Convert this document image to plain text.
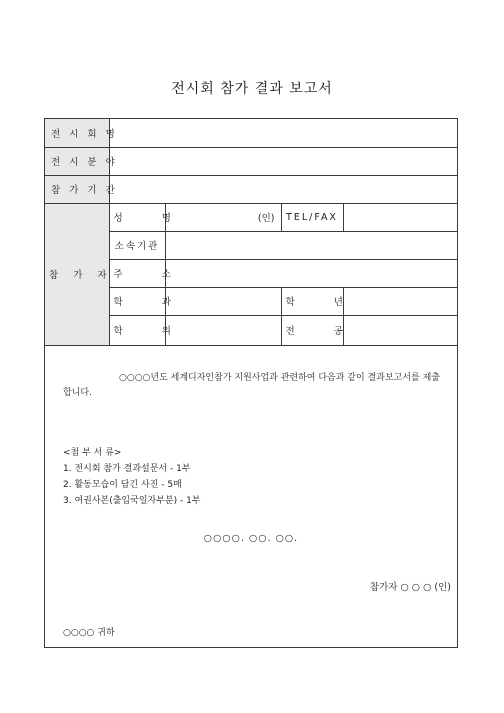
전시회 참가 결과 보고서
전 시 회 명				
전 시 분 야				
참 가 기 간				
참 가 자	성 명	(인)	TEL/FAX	
	소속기관			
	주 소			
	학 과		학 년	
	학 위		전 공	

○○○○년도 세계디자인참가 지원사업과 관련하여 다음과 같이 결과보고서를 제출합니다.

<첨 부 서 류>
1. 전시회 참가 결과설문서 - 1부
2. 활동모습이 담긴 사진 - 5매
3. 여권사본(출입국일자부분) - 1부
○○○○. ○○. ○○.
참가자 ○ ○ ○ (인)
○○○○ 귀하
